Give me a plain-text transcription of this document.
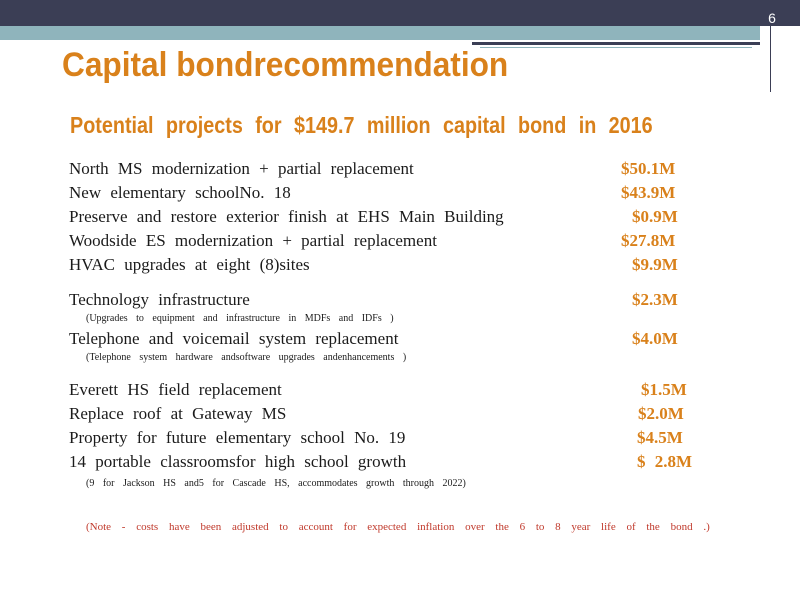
6
Capital bondrecommendation
Potential projects for $149.7 million capital bond in 2016
North MS modernization + partial replacement	$50.1M
New elementary schoolNo. 18	$43.9M
Preserve and restore exterior finish at EHS Main Building	$0.9M
Woodside ES modernization + partial replacement	$27.8M
HVAC upgrades at eight (8)sites	$9.9M
Technology infrastructure	$2.3M
(Upgrades to equipment and infrastructure in MDFs and IDFs )
Telephone and voicemail system replacement	$4.0M
(Telephone system hardware andsoftware upgrades andenhancements )
Everett HS field replacement	$1.5M
Replace roof at Gateway MS	$2.0M
Property for future elementary school No. 19	$4.5M
14 portable classroomsfor high school growth	$ 2.8M
(9 for Jackson HS and5 for Cascade HS, accommodates growth through 2022)
(Note - costs have been adjusted to account for expected inflation over the 6 to 8 year life of the bond .)
